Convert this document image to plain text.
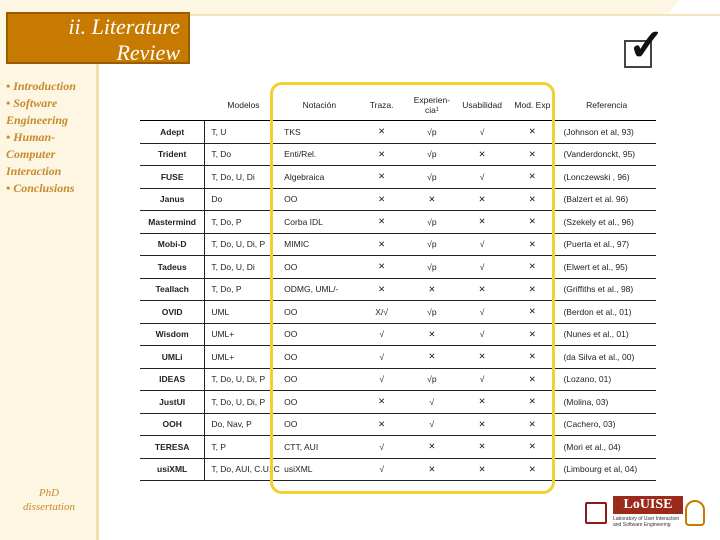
ii. Literature
Review
• Introduction
• Software Engineering
• Human-Computer Interaction
• Conclusions
PhD
dissertation
✓
	Modelos	Notación	Traza.	Experien-cia¹	Usabilidad	Mod. Exp	Referencia
Adept	T, U	TKS	✕	√p	√	✕	(Johnson et al, 93)
Trident	T, Do	Enti/Rel.	✕	√p	✕	✕	(Vanderdonckt, 95)
FUSE	T, Do, U, Di	Algebraica	✕	√p	√	✕	(Lonczewski , 96)
Janus	Do	OO	✕	✕	✕	✕	(Balzert et al. 96)
Mastermind	T, Do, P	Corba IDL	✕	√p	✕	✕	(Szekely et al., 96)
Mobi-D	T, Do, U, Di, P	MIMIC	✕	√p	√	✕	(Puerta et al., 97)
Tadeus	T, Do, U, Di	OO	✕	√p	√	✕	(Elwert et al., 95)
Teallach	T, Do, P	ODMG, UML/-	✕	✕	✕	✕	(Griffiths et al., 98)
OVID	UML	OO	X/√	√p	√	✕	(Berdon et al., 01)
Wisdom	UML+	OO	√	✕	√	✕	(Nunes et al., 01)
UMLi	UML+	OO	√	✕	✕	✕	(da Silva et al., 00)
IDEAS	T, Do, U, Di, P	OO	√	√p	√	✕	(Lozano, 01)
JustUI	T, Do, U, Di, P	OO	✕	√	✕	✕	(Molina, 03)
OOH	Do, Nav, P	OO	✕	√	✕	✕	(Cachero, 03)
TERESA	T, P	CTT, AUI	√	✕	✕	✕	(Mori et al., 04)
usiXML	T, Do, AUI, C.U, C	usiXML	√	✕	✕	✕	(Limbourg et al, 04)
LoUISE
Laboratory of User Interaction and Software Engineering
